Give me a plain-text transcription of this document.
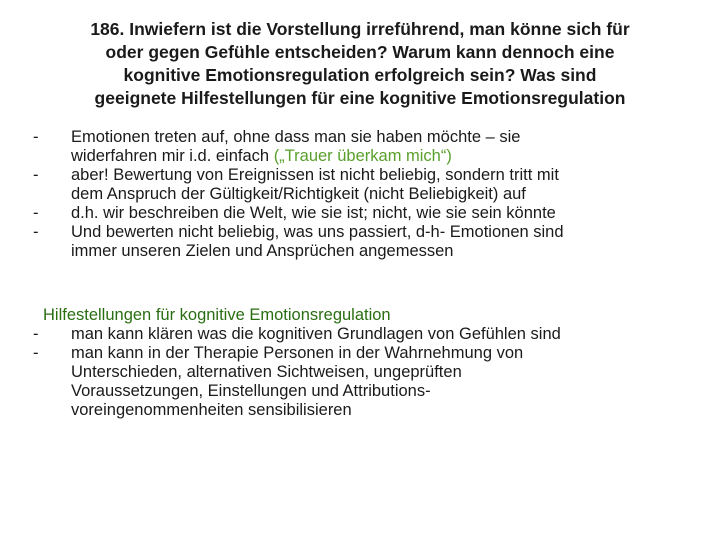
186. Inwiefern ist die Vorstellung irreführend, man könne sich für
oder gegen Gefühle entscheiden? Warum kann dennoch eine
kognitive Emotionsregulation erfolgreich sein? Was sind
geeignete Hilfestellungen für eine kognitive Emotionsregulation
- Emotionen treten auf, ohne dass man sie haben möchte – sie
widerfahren mir i.d. einfach („Trauer überkam mich“)
- aber! Bewertung von Ereignissen ist nicht beliebig, sondern tritt mit
dem Anspruch der Gültigkeit/Richtigkeit (nicht Beliebigkeit) auf
- d.h. wir beschreiben die Welt, wie sie ist; nicht, wie sie sein könnte
- Und bewerten nicht beliebig, was uns passiert, d-h- Emotionen sind
immer unseren Zielen und Ansprüchen angemessen
Hilfestellungen für kognitive Emotionsregulation
- man kann klären was die kognitiven Grundlagen von Gefühlen sind
- man kann in der Therapie Personen in der Wahrnehmung von
Unterschieden, alternativen Sichtweisen, ungeprüften
Voraussetzungen, Einstellungen und Attributions-
voreingenommenheiten sensibilisieren
